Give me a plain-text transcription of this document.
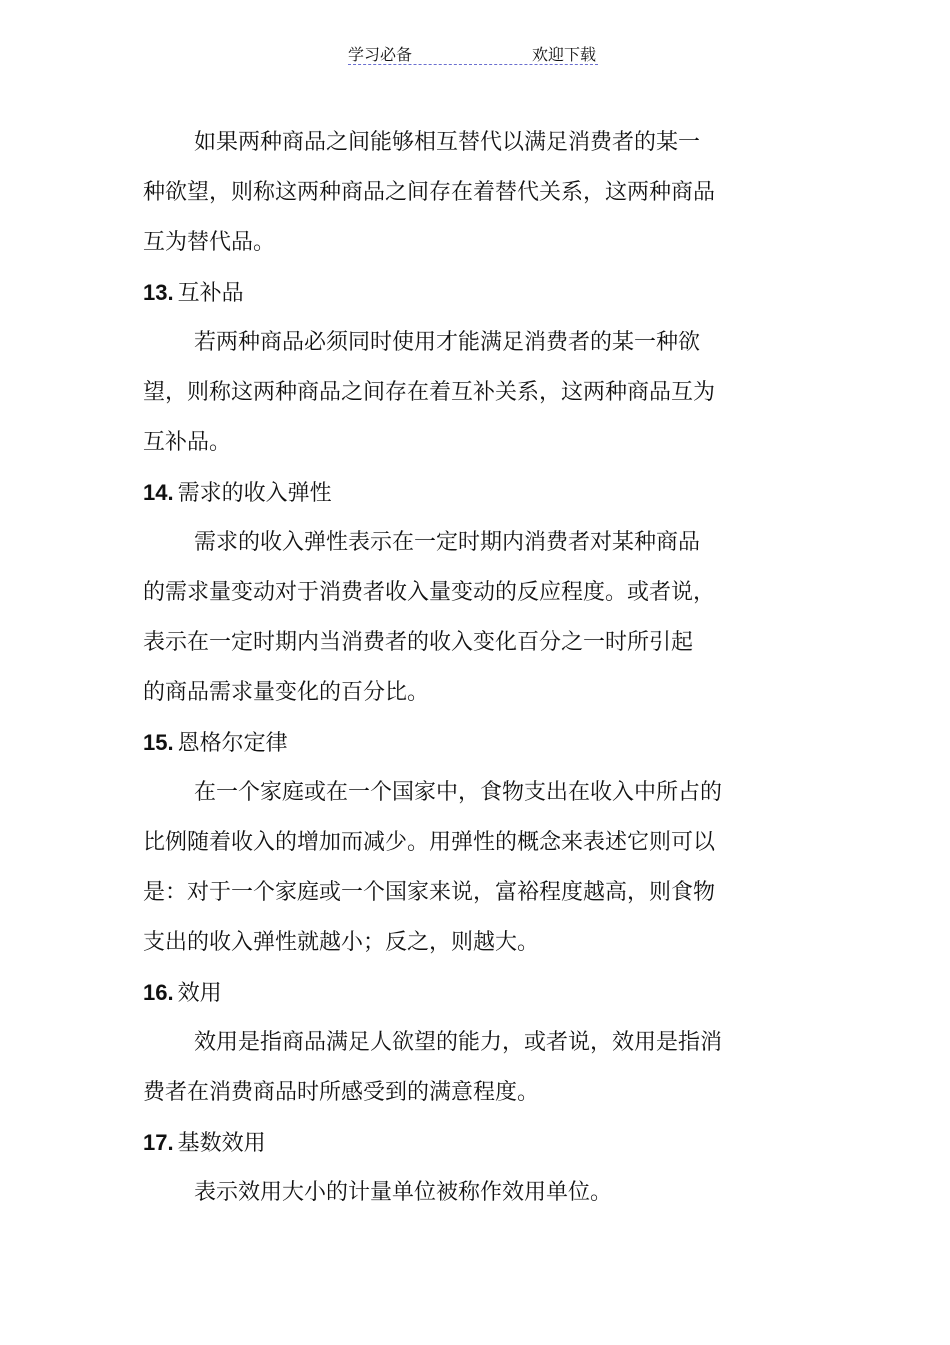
学习必备	欢迎下载
如果两种商品之间能够相互替代以满足消费者的某一
种欲望，则称这两种商品之间存在着替代关系，这两种商品
互为替代品。
13. 互补品
若两种商品必须同时使用才能满足消费者的某一种欲
望，则称这两种商品之间存在着互补关系，这两种商品互为
互补品。
14. 需求的收入弹性
需求的收入弹性表示在一定时期内消费者对某种商品
的需求量变动对于消费者收入量变动的反应程度。或者说，
表示在一定时期内当消费者的收入变化百分之一时所引起
的商品需求量变化的百分比。
15. 恩格尔定律
在一个家庭或在一个国家中，食物支出在收入中所占的
比例随着收入的增加而减少。用弹性的概念来表述它则可以
是：对于一个家庭或一个国家来说，富裕程度越高，则食物
支出的收入弹性就越小；反之，则越大。
16. 效用
效用是指商品满足人欲望的能力，或者说，效用是指消
费者在消费商品时所感受到的满意程度。
17. 基数效用
表示效用大小的计量单位被称作效用单位。
